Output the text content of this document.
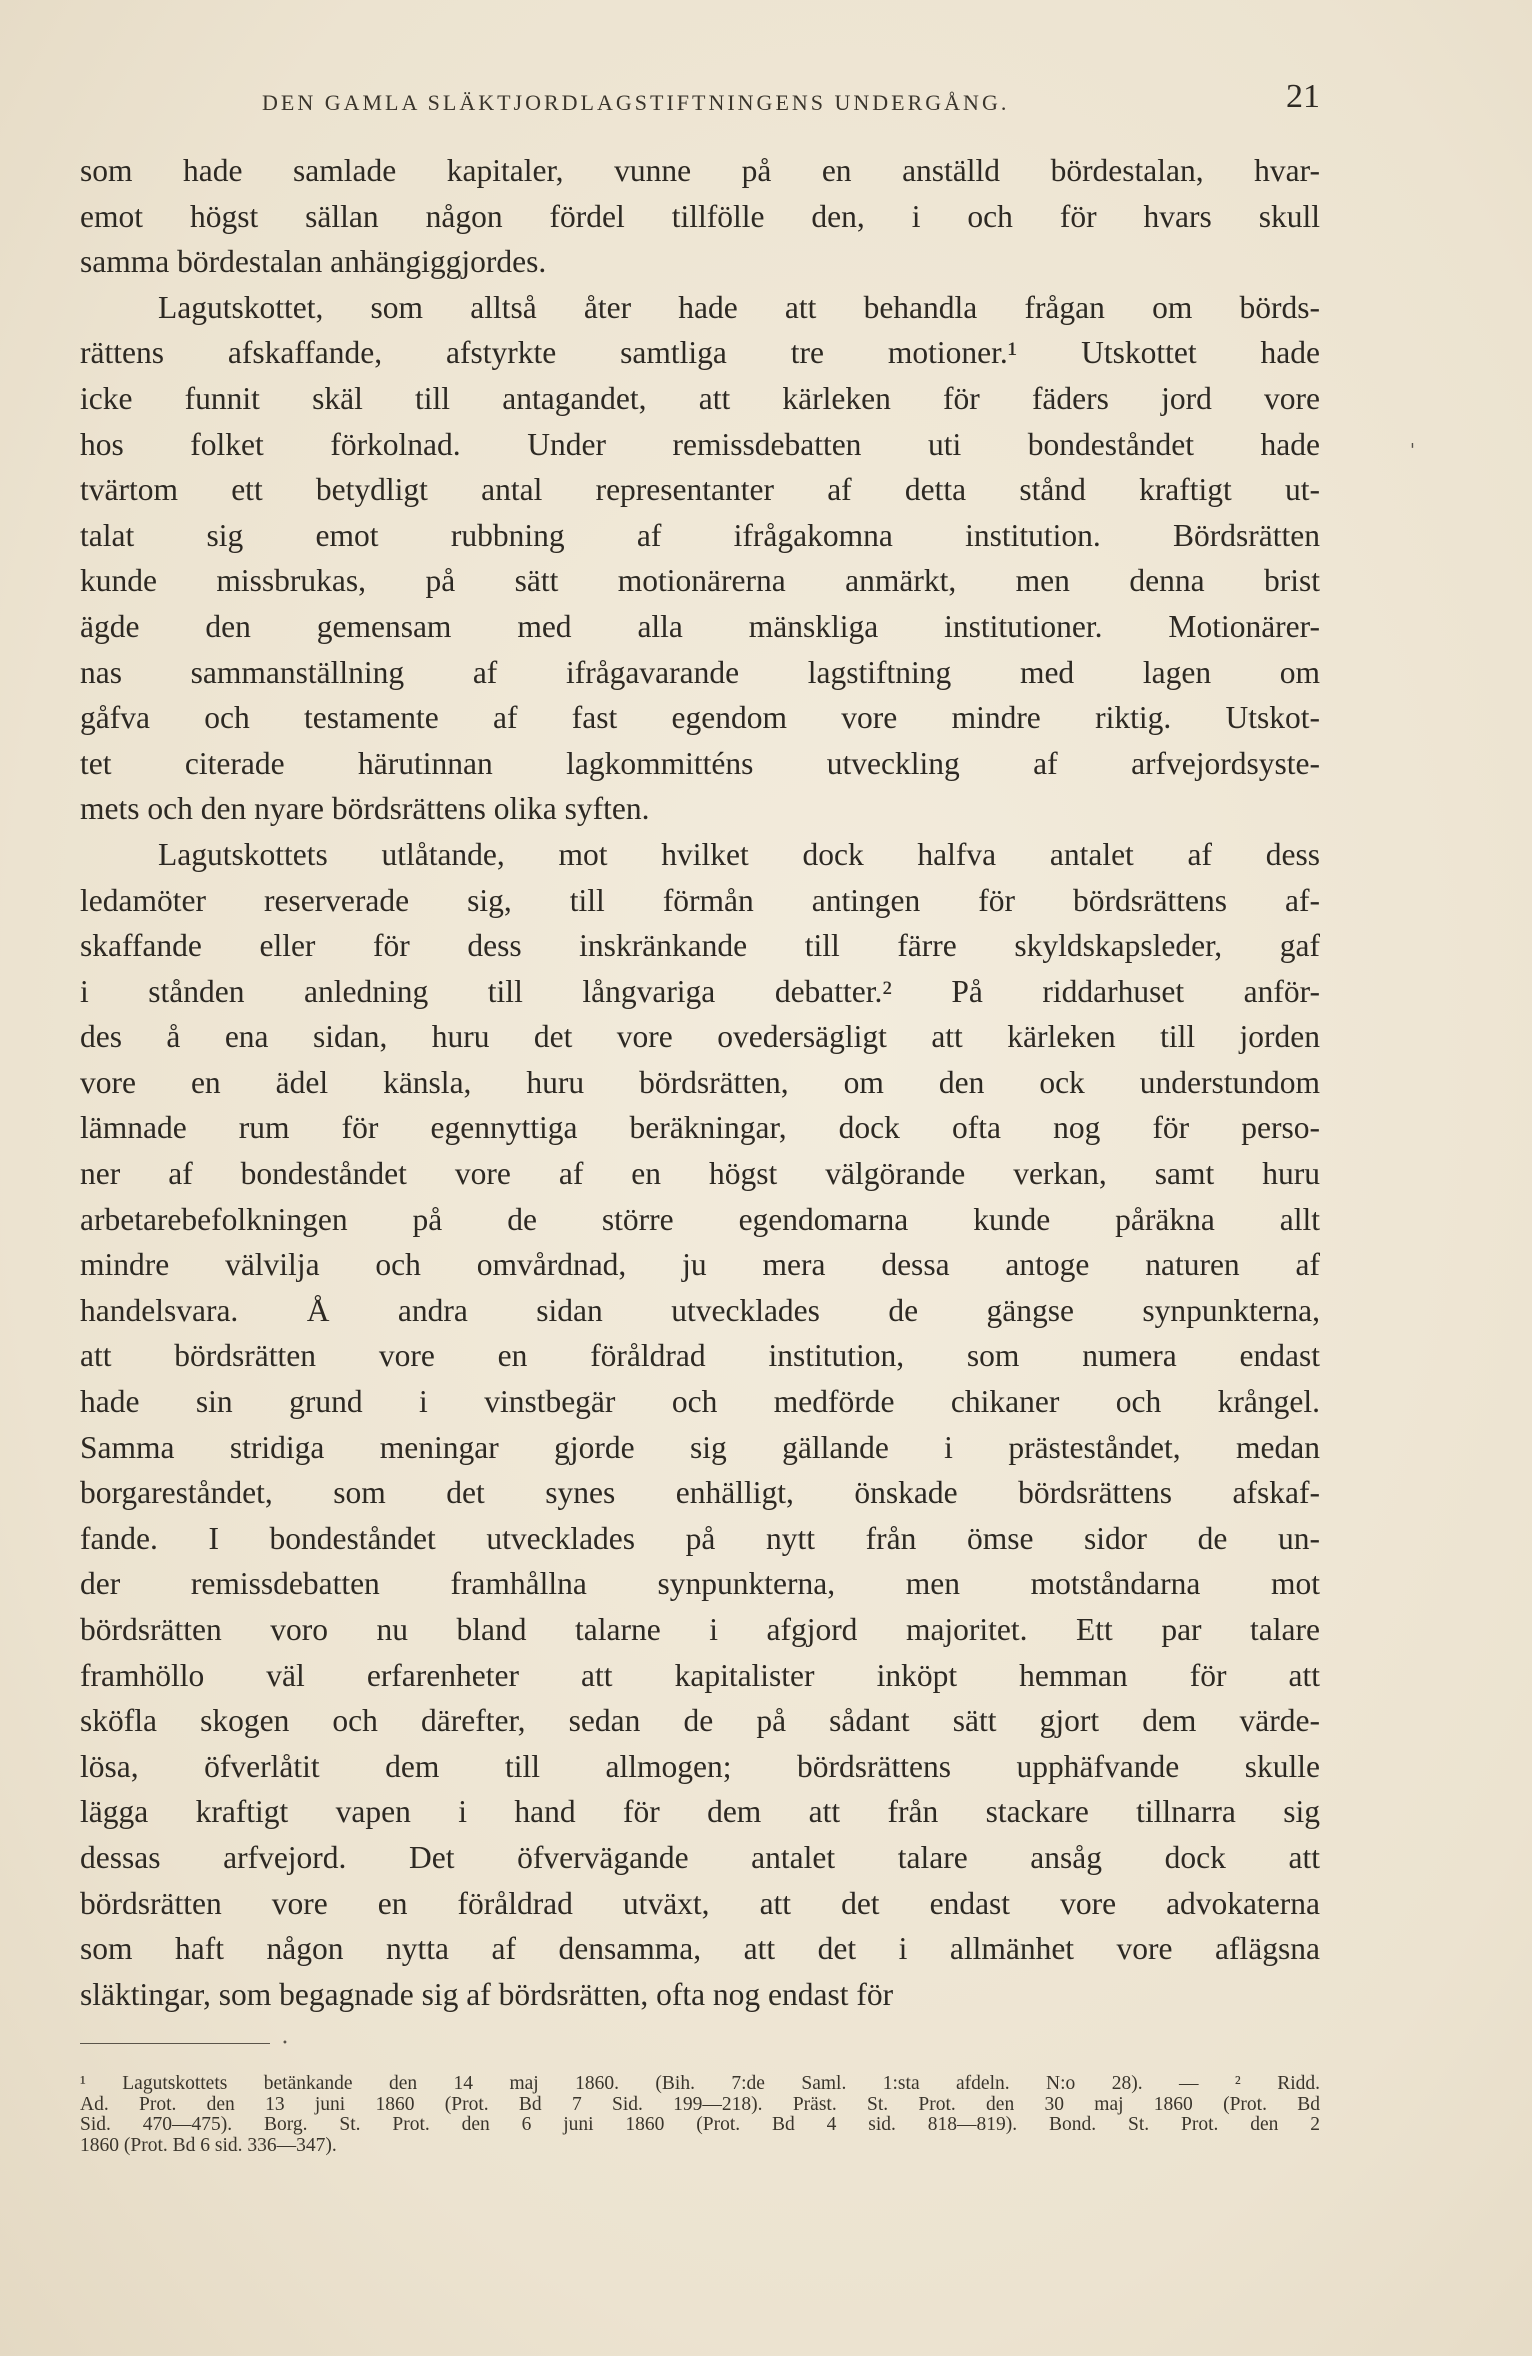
DEN GAMLA SLÄKTJORDLAGSTIFTNINGENS UNDERGÅNG.	21
'
som hade samlade kapitaler, vunne på en anställd bördestalan, hvar-
emot högst sällan någon fördel tillfölle den, i och för hvars skull
samma bördestalan anhängiggjordes.
Lagutskottet, som alltså åter hade att behandla frågan om börds-
rättens afskaffande, afstyrkte samtliga tre motioner.¹ Utskottet hade
icke funnit skäl till antagandet, att kärleken för fäders jord vore
hos folket förkolnad. Under remissdebatten uti bondeståndet hade
tvärtom ett betydligt antal representanter af detta stånd kraftigt ut-
talat sig emot rubbning af ifrågakomna institution. Bördsrätten
kunde missbrukas, på sätt motionärerna anmärkt, men denna brist
ägde den gemensam med alla mänskliga institutioner. Motionärer-
nas sammanställning af ifrågavarande lagstiftning med lagen om
gåfva och testamente af fast egendom vore mindre riktig. Utskot-
tet citerade härutinnan lagkommitténs utveckling af arfvejordsyste-
mets och den nyare bördsrättens olika syften.
Lagutskottets utlåtande, mot hvilket dock halfva antalet af dess
ledamöter reserverade sig, till förmån antingen för bördsrättens af-
skaffande eller för dess inskränkande till färre skyldskapsleder, gaf
i stånden anledning till långvariga debatter.² På riddarhuset anför-
des å ena sidan, huru det vore ovedersägligt att kärleken till jorden
vore en ädel känsla, huru bördsrätten, om den ock understundom
lämnade rum för egennyttiga beräkningar, dock ofta nog för perso-
ner af bondeståndet vore af en högst välgörande verkan, samt huru
arbetarebefolkningen på de större egendomarna kunde påräkna allt
mindre välvilja och omvårdnad, ju mera dessa antoge naturen af
handelsvara. Å andra sidan utvecklades de gängse synpunkterna,
att bördsrätten vore en föråldrad institution, som numera endast
hade sin grund i vinstbegär och medförde chikaner och krångel.
Samma stridiga meningar gjorde sig gällande i prästeståndet, medan
borgareståndet, som det synes enhälligt, önskade bördsrättens afskaf-
fande. I bondeståndet utvecklades på nytt från ömse sidor de un-
der remissdebatten framhållna synpunkterna, men motståndarna mot
bördsrätten voro nu bland talarne i afgjord majoritet. Ett par talare
framhöllo väl erfarenheter att kapitalister inköpt hemman för att
sköfla skogen och därefter, sedan de på sådant sätt gjort dem värde-
lösa, öfverlåtit dem till allmogen; bördsrättens upphäfvande skulle
lägga kraftigt vapen i hand för dem att från stackare tillnarra sig
dessas arfvejord. Det öfvervägande antalet talare ansåg dock att
bördsrätten vore en föråldrad utväxt, att det endast vore advokaterna
som haft någon nytta af densamma, att det i allmänhet vore aflägsna
släktingar, som begagnade sig af bördsrätten, ofta nog endast för
•
¹ Lagutskottets betänkande den 14 maj 1860. (Bih. 7:de Saml. 1:sta afdeln. N:o 28). — ² Ridd.
Ad. Prot. den 13 juni 1860 (Prot. Bd 7 Sid. 199—218). Präst. St. Prot. den 30 maj 1860 (Prot. Bd
Sid. 470—475). Borg. St. Prot. den 6 juni 1860 (Prot. Bd 4 sid. 818—819). Bond. St. Prot. den 2
1860 (Prot. Bd 6 sid. 336—347).
